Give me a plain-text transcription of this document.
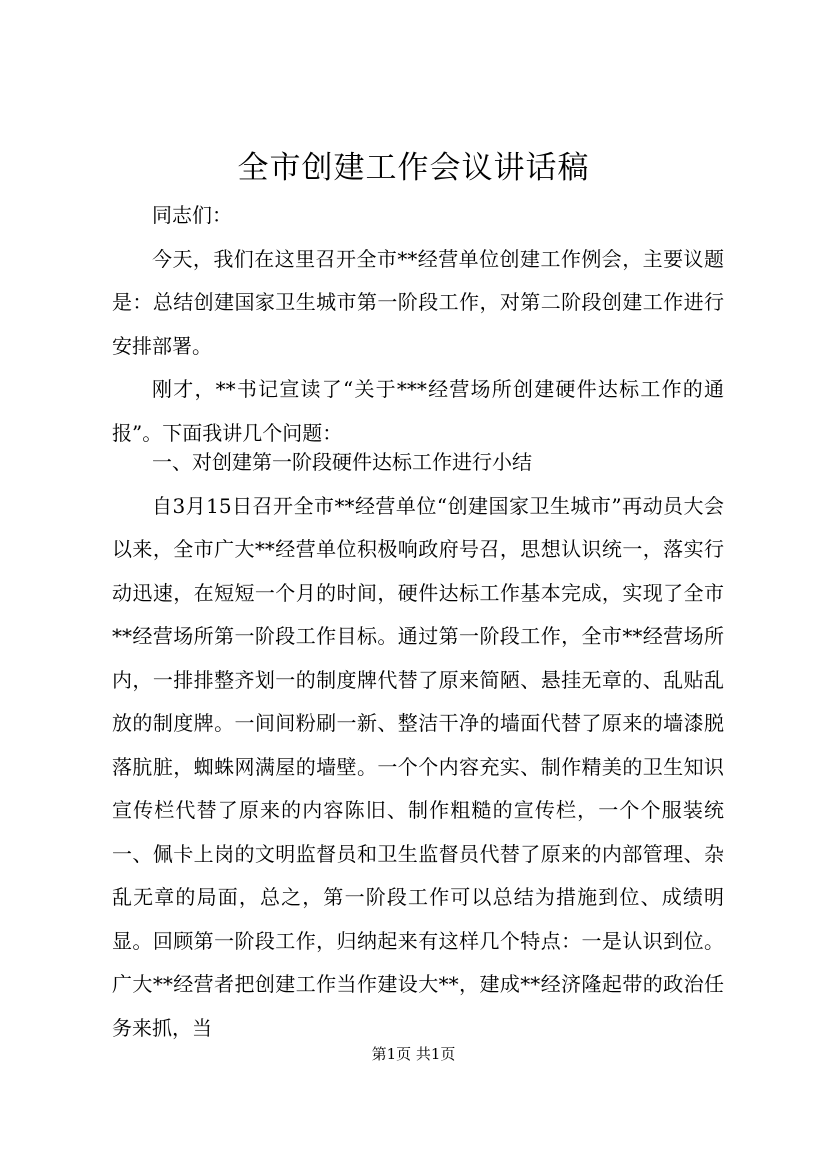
全市创建工作会议讲话稿

同志们：

今天，我们在这里召开全市**经营单位创建工作例会，主要议题是：总结创建国家卫生城市第一阶段工作，对第二阶段创建工作进行安排部署。

刚才，**书记宣读了“关于***经营场所创建硬件达标工作的通报”。下面我讲几个问题：

一、对创建第一阶段硬件达标工作进行小结

自3月15日召开全市**经营单位“创建国家卫生城市”再动员大会以来，全市广大**经营单位积极响政府号召，思想认识统一，落实行动迅速，在短短一个月的时间，硬件达标工作基本完成，实现了全市**经营场所第一阶段工作目标。通过第一阶段工作，全市**经营场所内，一排排整齐划一的制度牌代替了原来简陋、悬挂无章的、乱贴乱放的制度牌。一间间粉刷一新、整洁干净的墙面代替了原来的墙漆脱落肮脏，蜘蛛网满屋的墙壁。一个个内容充实、制作精美的卫生知识宣传栏代替了原来的内容陈旧、制作粗糙的宣传栏，一个个服装统一、佩卡上岗的文明监督员和卫生监督员代替了原来的内部管理、杂乱无章的局面，总之，第一阶段工作可以总结为措施到位、成绩明显。回顾第一阶段工作，归纳起来有这样几个特点：一是认识到位。广大**经营者把创建工作当作建设大**，建成**经济隆起带的政治任务来抓，当

第1页 共1页
